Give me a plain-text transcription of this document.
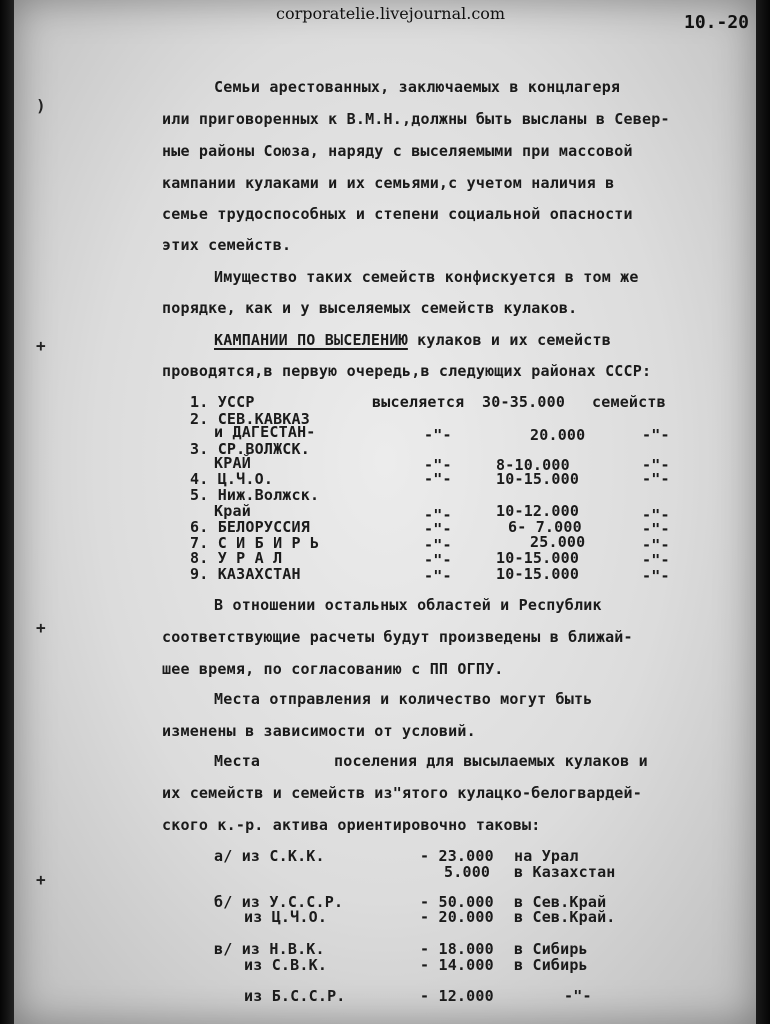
corporatelie.livejournal.com	10.-20
Семьи арестованных, заключаемых в концлагеря
или приговоренных к В.М.Н.,должны быть высланы в Север-
ные районы Союза, наряду с выселяемыми при массовой
кампании кулаками и их семьями,с учетом наличия в
семье трудоспособных и степени социальной опасности
этих семейств.
Имущество таких семейств конфискуется в том же
порядке, как и у выселяемых семейств кулаков.
КАМПАНИИ ПО ВЫСЕЛЕНИЮ кулаков и их семейств
проводятся,в первую очередь,в следующих районах СССР:
1. УССР	выселяется 30-35.000 семейств
2. СЕВ.КАВКАЗ
и ДАГЕСТАН-	-"-	20.000	-"-
3. СР.ВОЛЖСК.
КРАЙ	-"-	8-10.000	-"-
4. Ц.Ч.О.	-"-	10-15.000	-"-
5. Ниж.Волжск.
Край	-"-	10-12.000	-"-
6. БЕЛОРУССИЯ	-"-	6- 7.000	-"-
7. С И Б И Р Ь	-"-	25.000	-"-
8. У Р А Л	-"-	10-15.000	-"-
9. КАЗАХСТАН	-"-	10-15.000	-"-
В отношении остальных областей и Республик
соответствующие расчеты будут произведены в ближай-
шее время, по согласованию с ПП ОГПУ.
Места отправления и количество могут быть
изменены в зависимости от условий.
Места        поселения для высылаемых кулаков и
их семейств и семейств из"ятого кулацко-белогвардей-
ского к.-р. актива ориентировочно таковы:
а/ из С.К.К.	- 23.000 на Урал
5.000 в Казахстан
б/ из У.С.С.Р.	- 50.000 в Сев.Край
из Ц.Ч.О.	- 20.000 в Сев.Край.
в/ из Н.В.К.	- 18.000 в Сибирь
из С.В.К.	- 14.000 в Сибирь
из Б.С.С.Р.	- 12.000	-"-
)
+
+
+
